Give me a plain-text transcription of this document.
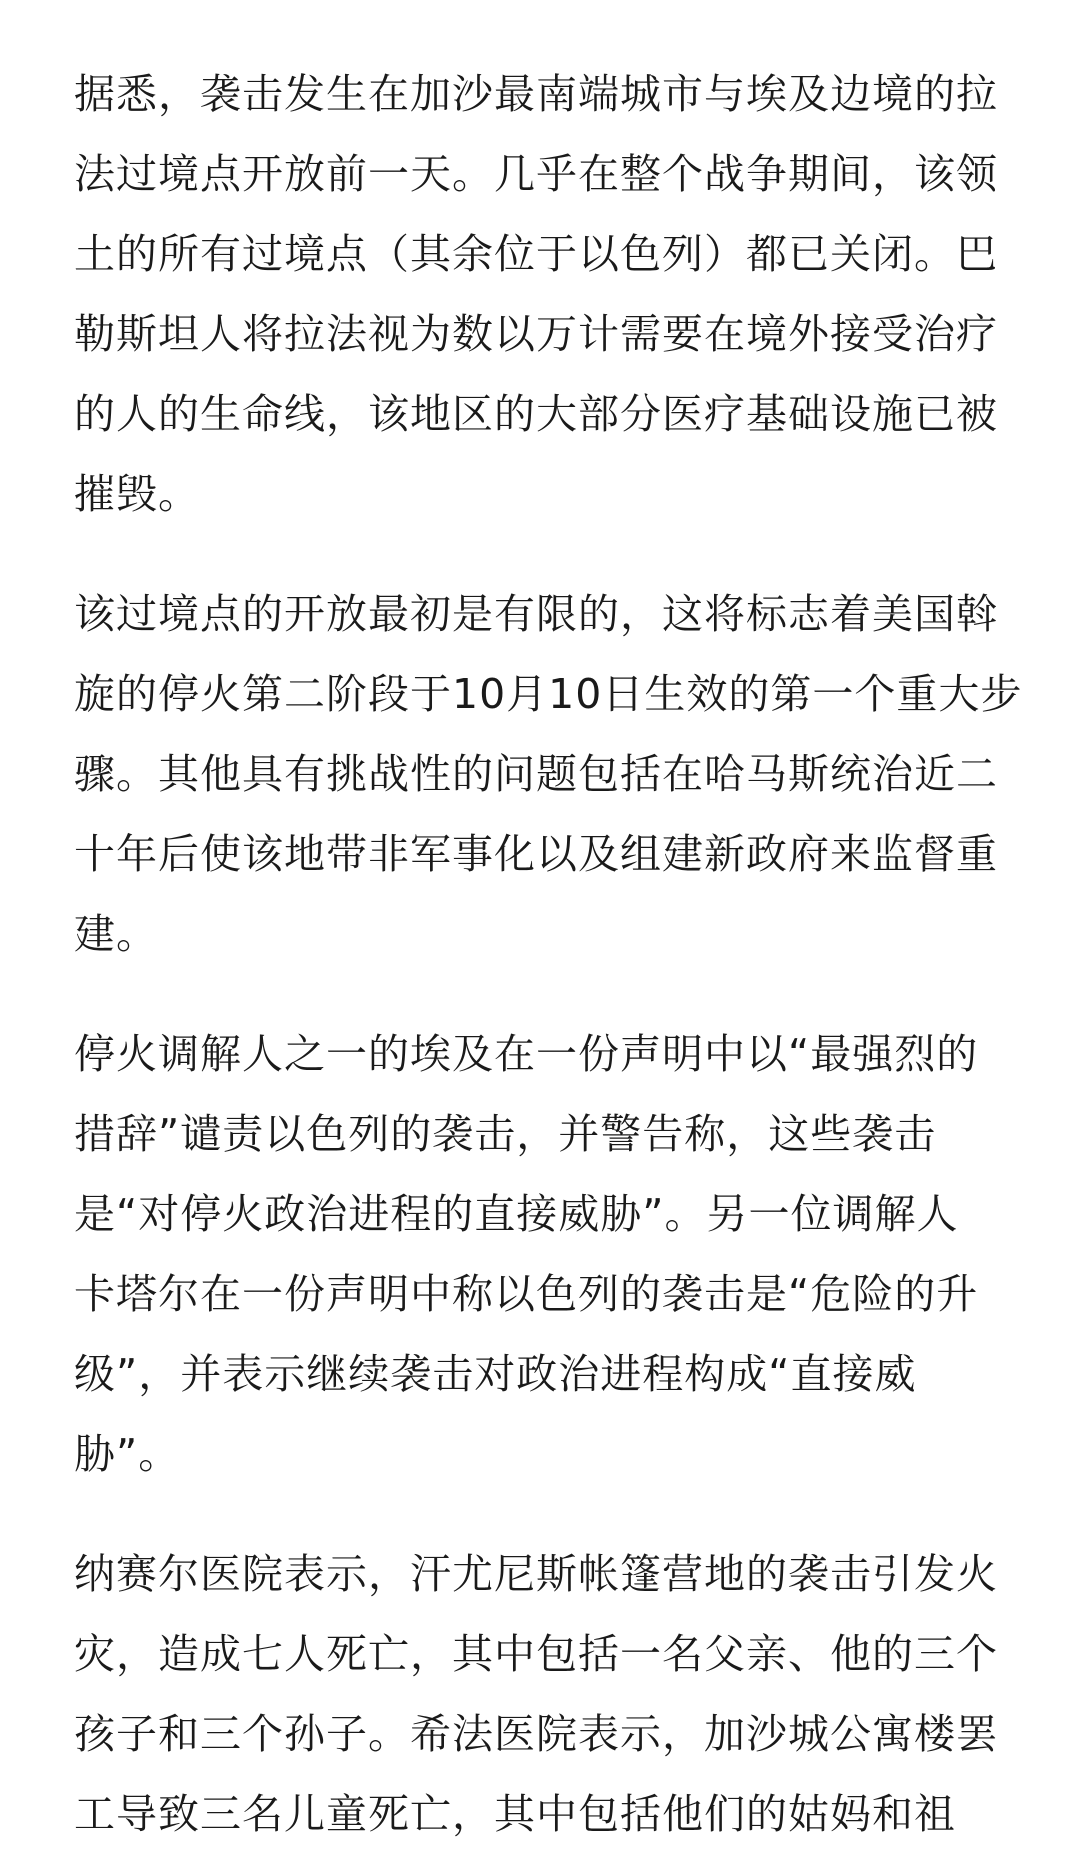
据悉，袭击发生在加沙最南端城市与埃及边境的拉
法过境点开放前一天。几乎在整个战争期间，该领
土的所有过境点（其余位于以色列）都已关闭。巴
勒斯坦人将拉法视为数以万计需要在境外接受治疗
的人的生命线，该地区的大部分医疗基础设施已被
摧毁。
该过境点的开放最初是有限的，这将标志着美国斡
旋的停火第二阶段于10月10日生效的第一个重大步
骤。其他具有挑战性的问题包括在哈马斯统治近二
十年后使该地带非军事化以及组建新政府来监督重
建。
停火调解人之一的埃及在一份声明中以“最强烈的
措辞”谴责以色列的袭击，并警告称，这些袭击
是“对停火政治进程的直接威胁”。另一位调解人
卡塔尔在一份声明中称以色列的袭击是“危险的升
级”，并表示继续袭击对政治进程构成“直接威
胁”。
纳赛尔医院表示，汗尤尼斯帐篷营地的袭击引发火
灾，造成七人死亡，其中包括一名父亲、他的三个
孩子和三个孙子。希法医院表示，加沙城公寓楼罢
工导致三名儿童死亡，其中包括他们的姑妈和祖
